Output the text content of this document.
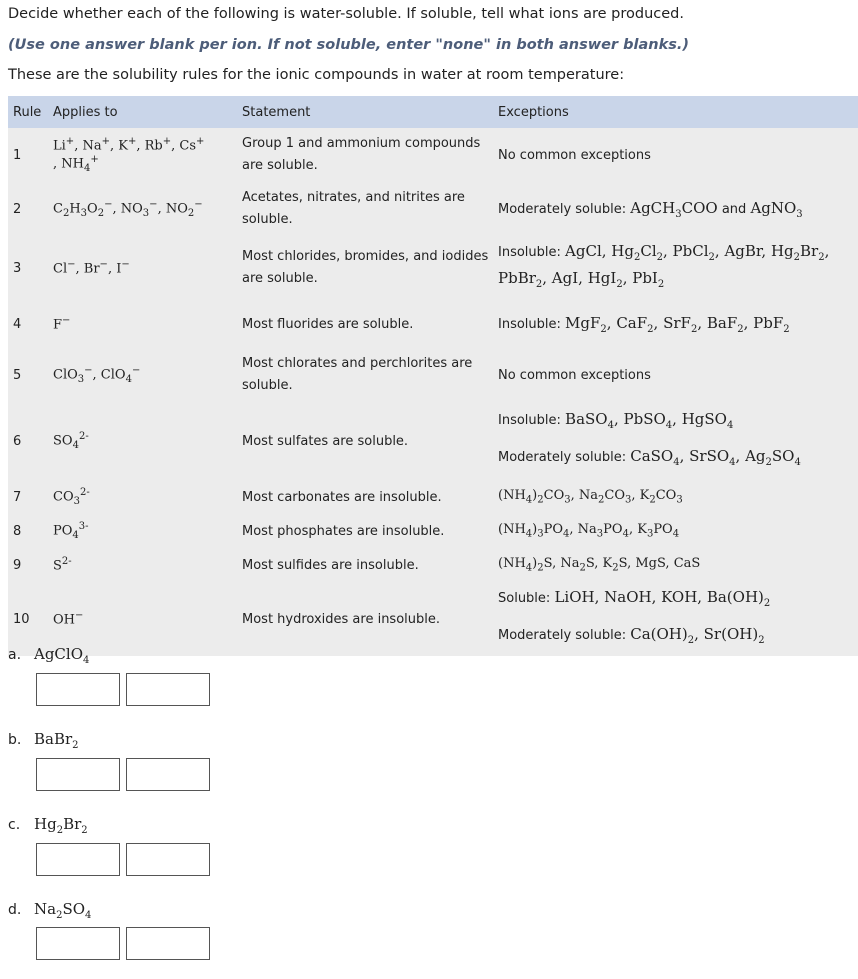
Decide whether each of the following is water-soluble. If soluble, tell what ions are produced.
(Use one answer blank per ion. If not soluble, enter "none" in both answer blanks.)
These are the solubility rules for the ionic compounds in water at room temperature:
Rule	Applies to	Statement	Exceptions
1	Li+, Na+, K+, Rb+, Cs+
, $NH_4^+$	Group 1 and ammonium compounds are soluble.	No common exceptions
2	$C_2H_3O_2^-$, $NO_3^-$, $NO_2^-$	Acetates, nitrates, and nitrites are soluble.	Moderately soluble: AgCH$_3$COO and AgNO$_3$
3	Cl−, Br−, I−	Most chlorides, bromides, and iodides are soluble.	Insoluble: AgCl, $Hg_2Cl_2$, PbCl$_2$, AgBr, $Hg_2Br_2$,
PbBr$_2$, AgI, HgI$_2$, PbI$_2$
4	F−	Most fluorides are soluble.	Insoluble: MgF$_2$, CaF$_2$, SrF$_2$, BaF$_2$, PbF$_2$
5	ClO$_3$−, ClO$_4$−	Most chlorates and perchlorites are soluble.	No common exceptions
6	$SO_4^{2-}$	Most sulfates are soluble.	Insoluble: BaSO$_4$, PbSO$_4$, HgSO$_4$
Moderately soluble: CaSO$_4$, SrSO$_4$, $Ag_2SO_4$
7	$CO_3^{2-}$	Most carbonates are insoluble.	$(NH_4)_2CO_3$, $Na_2CO_3$, $K_2CO_3$
8	$PO_4^{3-}$	Most phosphates are insoluble.	$(NH_4)_3PO_4$, $Na_3PO_4$, $K_3PO_4$
9	$S^{2-}$	Most sulfides are insoluble.	$(NH_4)_2S$, $Na_2S$, $K_2S$, MgS, CaS
10	OH−	Most hydroxides are insoluble.	Soluble: LiOH, NaOH, KOH, $Ba(OH)_2$
Moderately soluble: $Ca(OH)_2$, $Sr(OH)_2$
a. AgClO$_4$
b. BaBr$_2$
c. $Hg_2Br_2$
d. $Na_2SO_4$
